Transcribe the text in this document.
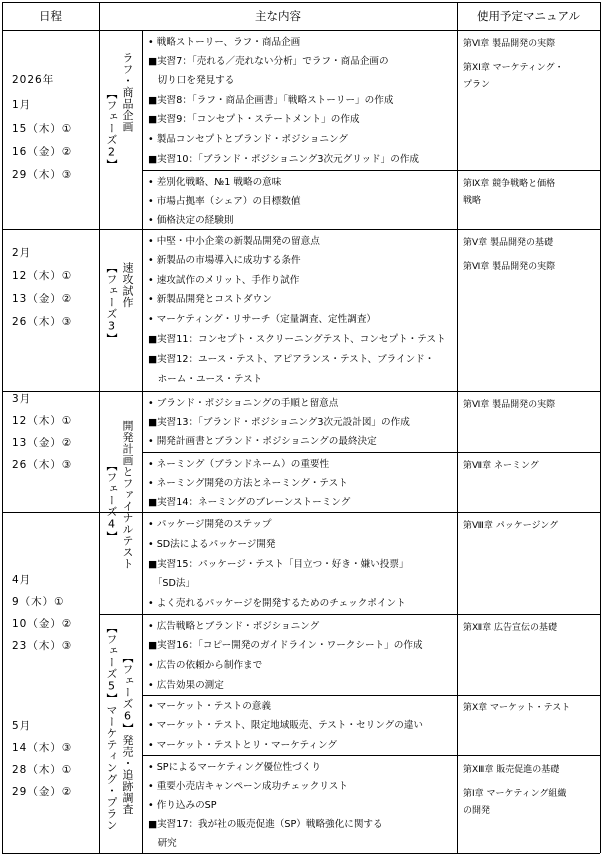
日程	主な内容	使用予定マニュアル
2026年
1月
15（木）①
16（金）②
29（木）③
2月
12（木）①
13（金）②
26（木）③
3月
12（木）①
13（金）②
26（木）③
4月
9（木）①
10（金）②
23（木）③
5月
14（木）③
28（木）①
29（金）②
ラフ・商品企画
【フェーズ2】
速攻試作
【フェーズ3】
開発計画とファイナルテスト
【フェーズ4】
【フェーズ5】マーケティング・プラン 【フェーズ6】発売・追跡調査
• 戦略ストーリー、ラフ・商品企画
■実習7：「売れる／売れない分析」でラフ・商品企画の
　切り口を発見する
■実習8：「ラフ・商品企画書」「戦略ストーリー」の作成
■実習9：「コンセプト・ステートメント」の作成
• 製品コンセプトとブランド・ポジショニング
■実習10：「ブランド・ポジショニング3次元グリッド」の作成
• 差別化戦略、№1 戦略の意味
• 市場占拠率（シェア）の目標数値
• 価格決定の経験則
• 中堅・中小企業の新製品開発の留意点
• 新製品の市場導入に成功する条件
• 速攻試作のメリット、手作り試作
• 新製品開発とコストダウン
• マーケティング・リサーチ（定量調査、定性調査）
■実習11：コンセプト・スクリーニングテスト、コンセプト・テスト
■実習12：ユース・テスト、アピアランス・テスト、ブラインド・
　ホーム・ユース・テスト
• ブランド・ポジショニングの手順と留意点
■実習13：「ブランド・ポジショニング3次元設計図」の作成
• 開発計画書とブランド・ポジショニングの最終決定
• ネーミング（ブランドネーム）の重要性
• ネーミング開発の方法とネーミング・テスト
■実習14：ネーミングのブレーンストーミング
• パッケージ開発のステップ
• SD法によるパッケージ開発
■実習15：パッケージ・テスト「目立つ・好き・嫌い投票」
　「SD法」
• よく売れるパッケージを開発するためのチェックポイント
• 広告戦略とブランド・ポジショニング
■実習16：「コピー開発のガイドライン・ワークシート」の作成
• 広告の依頼から制作まで
• 広告効果の測定
• マーケット・テストの意義
• マーケット・テスト、限定地域販売、テスト・セリングの違い
• マーケット・テストとリ・マーケティング
• SPによるマーケティング優位性づくり
• 重要小売店キャンペーン成功チェックリスト
• 作り込みのSP
■実習17：我が社の販売促進（SP）戦略強化に関する
　研究
第Ⅵ章 製品開発の実際
第ⅩⅠ章 マーケティング・
プラン
第Ⅸ章 競争戦略と価格
戦略
第Ⅴ章 製品開発の基礎
第Ⅵ章 製品開発の実際
第Ⅵ章 製品開発の実際
第Ⅶ章 ネーミング
第Ⅷ章 パッケージング
第Ⅻ章 広告宣伝の基礎
第Ⅹ章 マーケット・テスト
第ⅩⅢ章 販売促進の基礎
第Ⅰ章 マーケティング組織
の開発
